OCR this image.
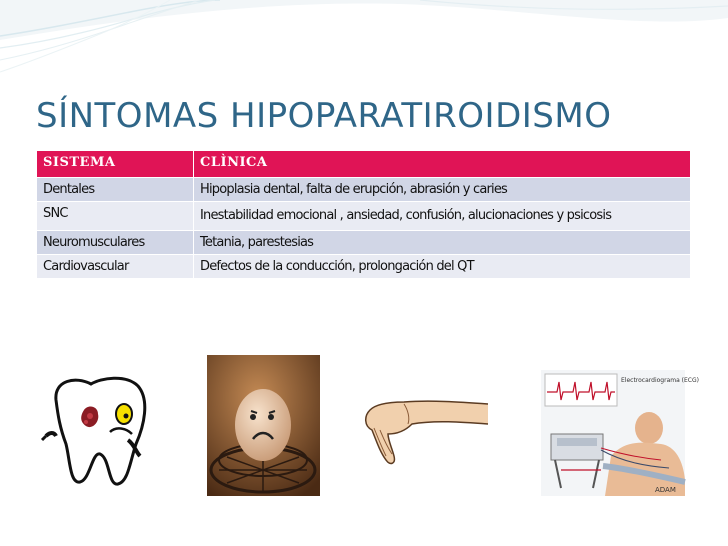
SÍNTOMAS HIPOPARATIROIDISMO
SISTEMA	CLÌNICA
Dentales	Hipoplasia dental, falta de erupción, abrasión y caries
SNC	Inestabilidad emocional , ansiedad, confusión, alucionaciones y psicosis
Neuromusculares	Tetania, parestesias
Cardiovascular	Defectos de la conducción, prolongación del QT
Electrocardiograma (ECG)
ADAM
